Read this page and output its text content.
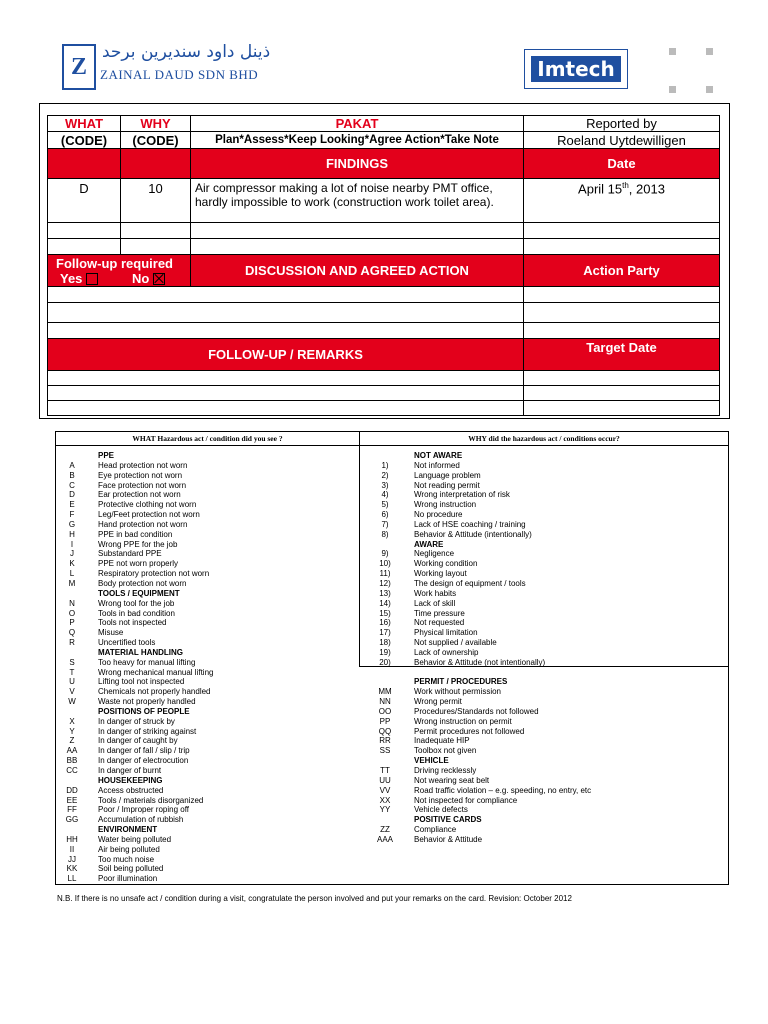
Z
ذينل داود سنديرين برحد
ZAINAL DAUD SDN BHD	Imtech
WHAT	WHY	PAKAT	Reported by
(CODE)	(CODE)	Plan*Assess*Keep Looking*Agree Action*Take Note	Roeland Uytdewilligen
		FINDINGS	Date
D	10	Air compressor making a lot of noise nearby PMT office, hardly impossible to work (construction work toilet area).	April 15th, 2013

Follow-up required
Yes No		DISCUSSION AND AGREED ACTION	Action Party

FOLLOW-UP / REMARKS			Target Date

WHAT Hazardous act / condition did you see ?	WHY did the hazardous act / conditions occur?
PPE
A	Head protection not worn
B	Eye protection not worn
C	Face protection not worn
D	Ear protection not worn
E	Protective clothing not worn
F	Leg/Feet protection not worn
G	Hand protection not worn
H	PPE in bad condition
I	Wrong PPE for the job
J	Substandard PPE
K	PPE not worn properly
L	Respiratory protection not worn
M	Body protection not worn
TOOLS / EQUIPMENT
N	Wrong tool for the job
O	Tools in bad condition
P	Tools not inspected
Q	Misuse
R	Uncertified tools
MATERIAL HANDLING
S	Too heavy for manual lifting
T	Wrong mechanical manual lifting
U	Lifting tool not inspected
V	Chemicals not properly handled
W	Waste not properly handled
POSITIONS OF PEOPLE
X	In danger of struck by
Y	In danger of striking against
Z	In danger of caught by
AA	In danger of fall / slip / trip
BB	In danger of electrocution
CC	In danger of burnt
HOUSEKEEPING
DD	Access obstructed
EE	Tools / materials disorganized
FF	Poor / Improper roping off
GG	Accumulation of rubbish
ENVIRONMENT
HH	Water being polluted
II	Air being polluted
JJ	Too much noise
KK	Soil being polluted
LL	Poor illumination
NOT AWARE
1)	Not informed
2)	Language problem
3)	Not reading permit
4)	Wrong interpretation of risk
5)	Wrong instruction
6)	No procedure
7)	Lack of HSE coaching / training
8)	Behavior & Attitude (intentionally)
AWARE
9)	Negligence
10)	Working condition
11)	Working layout
12)	The design of equipment / tools
13)	Work habits
14)	Lack of skill
15)	Time pressure
16)	Not requested
17)	Physical limitation
18)	Not supplied / available
19)	Lack of ownership
20)	Behavior & Attitude (not intentionally)
PERMIT / PROCEDURES
MM	Work without permission
NN	Wrong permit
OO	Procedures/Standards not followed
PP	Wrong instruction on permit
QQ	Permit procedures not followed
RR	Inadequate HIP
SS	Toolbox not given
VEHICLE
TT	Driving recklessly
UU	Not wearing seat belt
VV	Road traffic violation – e.g. speeding, no entry, etc
XX	Not inspected for compliance
YY	Vehicle defects
POSITIVE CARDS
ZZ	Compliance
AAA	Behavior & Attitude
N.B. If there is no unsafe act / condition during a visit, congratulate the person involved and put your remarks on the card. Revision: October 2012
